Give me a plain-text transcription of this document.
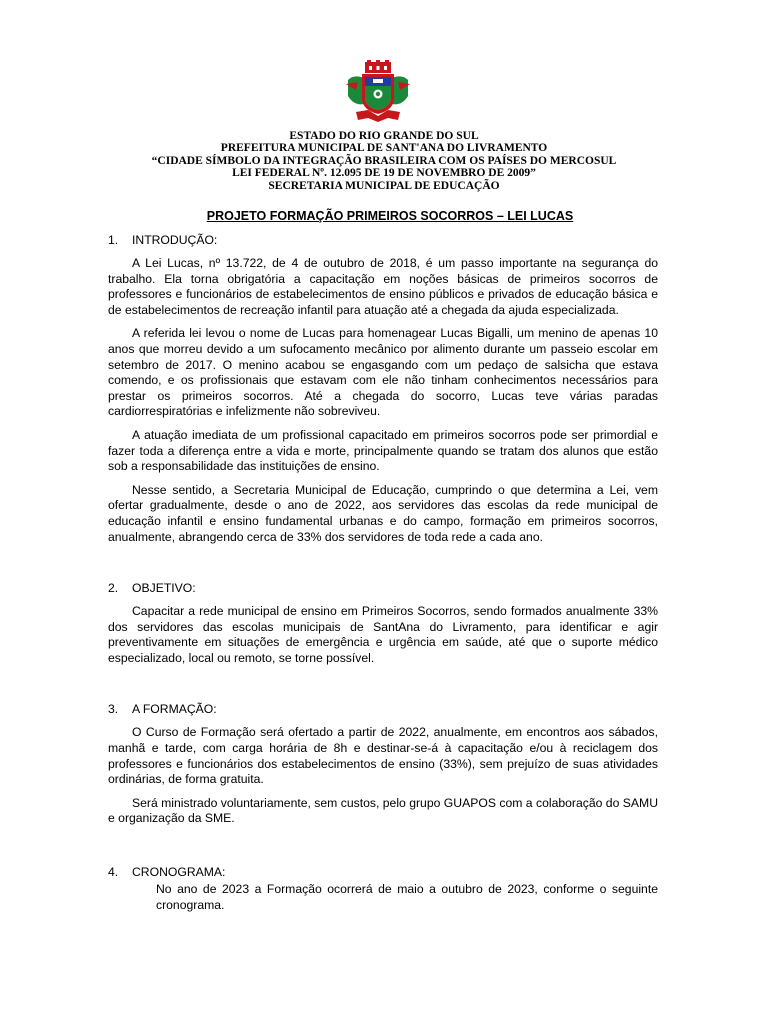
ESTADO DO RIO GRANDE DO SUL
PREFEITURA MUNICIPAL DE SANT'ANA DO LIVRAMENTO
“CIDADE SÍMBOLO DA INTEGRAÇÃO BRASILEIRA COM OS PAÍSES DO MERCOSUL
LEI FEDERAL Nº. 12.095 DE 19 DE NOVEMBRO DE 2009”
SECRETARIA MUNICIPAL DE EDUCAÇÃO
PROJETO FORMAÇÃO PRIMEIROS SOCORROS – LEI LUCAS
1. INTRODUÇÃO:

A Lei Lucas, nº 13.722, de 4 de outubro de 2018, é um passo importante na segurança do trabalho. Ela torna obrigatória a capacitação em noções básicas de primeiros socorros de professores e funcionários de estabelecimentos de ensino públicos e privados de educação básica e de estabelecimentos de recreação infantil para atuação até a chegada da ajuda especializada.

A referida lei levou o nome de Lucas para homenagear Lucas Bigalli, um menino de apenas 10 anos que morreu devido a um sufocamento mecânico por alimento durante um passeio escolar em setembro de 2017. O menino acabou se engasgando com um pedaço de salsicha que estava comendo, e os profissionais que estavam com ele não tinham conhecimentos necessários para prestar os primeiros socorros. Até a chegada do socorro, Lucas teve várias paradas cardiorrespiratórias e infelizmente não sobreviveu.

A atuação imediata de um profissional capacitado em primeiros socorros pode ser primordial e fazer toda a diferença entre a vida e morte, principalmente quando se tratam dos alunos que estão sob a responsabilidade das instituições de ensino.

Nesse sentido, a Secretaria Municipal de Educação, cumprindo o que determina a Lei, vem ofertar gradualmente, desde o ano de 2022, aos servidores das escolas da rede municipal de educação infantil e ensino fundamental urbanas e do campo, formação em primeiros socorros, anualmente, abrangendo cerca de 33% dos servidores de toda rede a cada ano.

2. OBJETIVO:

Capacitar a rede municipal de ensino em Primeiros Socorros, sendo formados anualmente 33% dos servidores das escolas municipais de SantAna do Livramento, para identificar e agir preventivamente em situações de emergência e urgência em saúde, até que o suporte médico especializado, local ou remoto, se torne possível.

3. A FORMAÇÃO:

O Curso de Formação será ofertado a partir de 2022, anualmente, em encontros aos sábados, manhã e tarde, com carga horária de 8h e destinar-se-á à capacitação e/ou à reciclagem dos professores e funcionários dos estabelecimentos de ensino (33%), sem prejuízo de suas atividades ordinárias, de forma gratuita.

Será ministrado voluntariamente, sem custos, pelo grupo GUAPOS com a colaboração do SAMU e organização da SME.

4. CRONOGRAMA:

No ano de 2023 a Formação ocorrerá de maio a outubro de 2023, conforme o seguinte cronograma.
